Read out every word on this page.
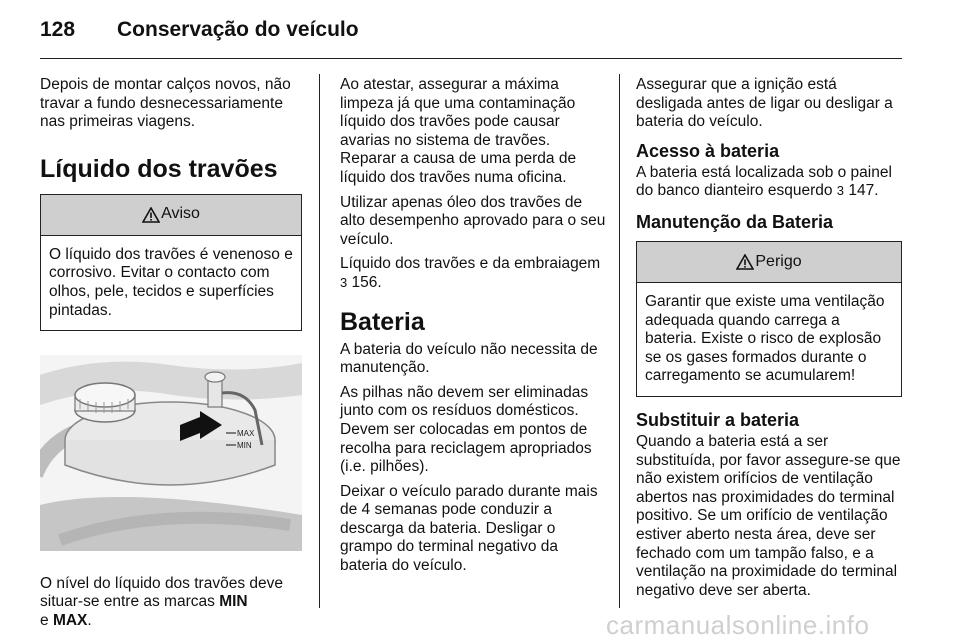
128 Conservação do veículo

Depois de montar calços novos, não travar a fundo desnecessariamente nas primeiras viagens.

Líquido dos travões
Aviso
O líquido dos travões é venenoso e corrosivo. Evitar o contacto com olhos, pele, tecidos e superfícies pintadas.
MAX
MIN

O nível do líquido dos travões deve situar-se entre as marcas MIN
e MAX.

Ao atestar, assegurar a máxima limpeza já que uma contaminação líquido dos travões pode causar avarias no sistema de travões. Reparar a causa de uma perda de líquido dos travões numa oficina.

Utilizar apenas óleo dos travões de alto desempenho aprovado para o seu veículo.

Líquido dos travões e da embraiagem
3 156.

Bateria

A bateria do veículo não necessita de manutenção.

As pilhas não devem ser eliminadas junto com os resíduos domésticos. Devem ser colocadas em pontos de recolha para reciclagem apropriados (i.e. pilhões).

Deixar o veículo parado durante mais de 4 semanas pode conduzir a descarga da bateria. Desligar o grampo do terminal negativo da bateria do veículo.

Assegurar que a ignição está desligada antes de ligar ou desligar a bateria do veículo.

Acesso à bateria

A bateria está localizada sob o painel do banco dianteiro esquerdo 3 147.

Manutenção da Bateria
Perigo
Garantir que existe uma ventilação adequada quando carrega a bateria. Existe o risco de explosão se os gases formados durante o carregamento se acumularem!
Substituir a bateria

Quando a bateria está a ser substituída, por favor assegure-se que não existem orifícios de ventilação abertos nas proximidades do terminal positivo. Se um orifício de ventilação estiver aberto nesta área, deve ser fechado com um tampão falso, e a ventilação na proximidade do terminal negativo deve ser aberta.

carmanualsonline.info
